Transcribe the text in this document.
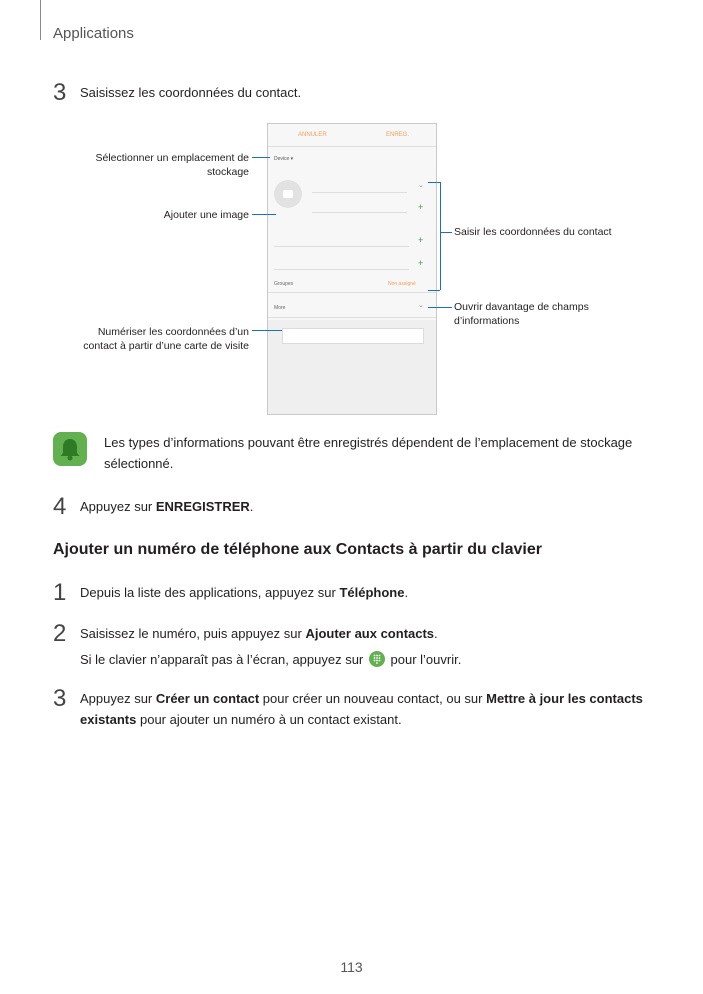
Applications
3 Saisissez les coordonnées du contact.
ANNULER	ENREG.
Device ▾
⌄
+
+
+
Groupes	Non assigné
More	⌄
Sélectionner un emplacement de
stockage
Ajouter une image
Numériser les coordonnées d’un
contact à partir d’une carte de visite
Saisir les coordonnées du contact
Ouvrir davantage de champs
d’informations
Les types d’informations pouvant être enregistrés dépendent de l’emplacement de stockage
sélectionné.
4 Appuyez sur ENREGISTRER.
Ajouter un numéro de téléphone aux Contacts à partir du clavier
1 Depuis la liste des applications, appuyez sur Téléphone.
2 Saisissez le numéro, puis appuyez sur Ajouter aux contacts.
Si le clavier n’apparaît pas à l’écran, appuyez sur pour l’ouvrir.
3 Appuyez sur Créer un contact pour créer un nouveau contact, ou sur Mettre à jour les contacts
existants pour ajouter un numéro à un contact existant.
113
